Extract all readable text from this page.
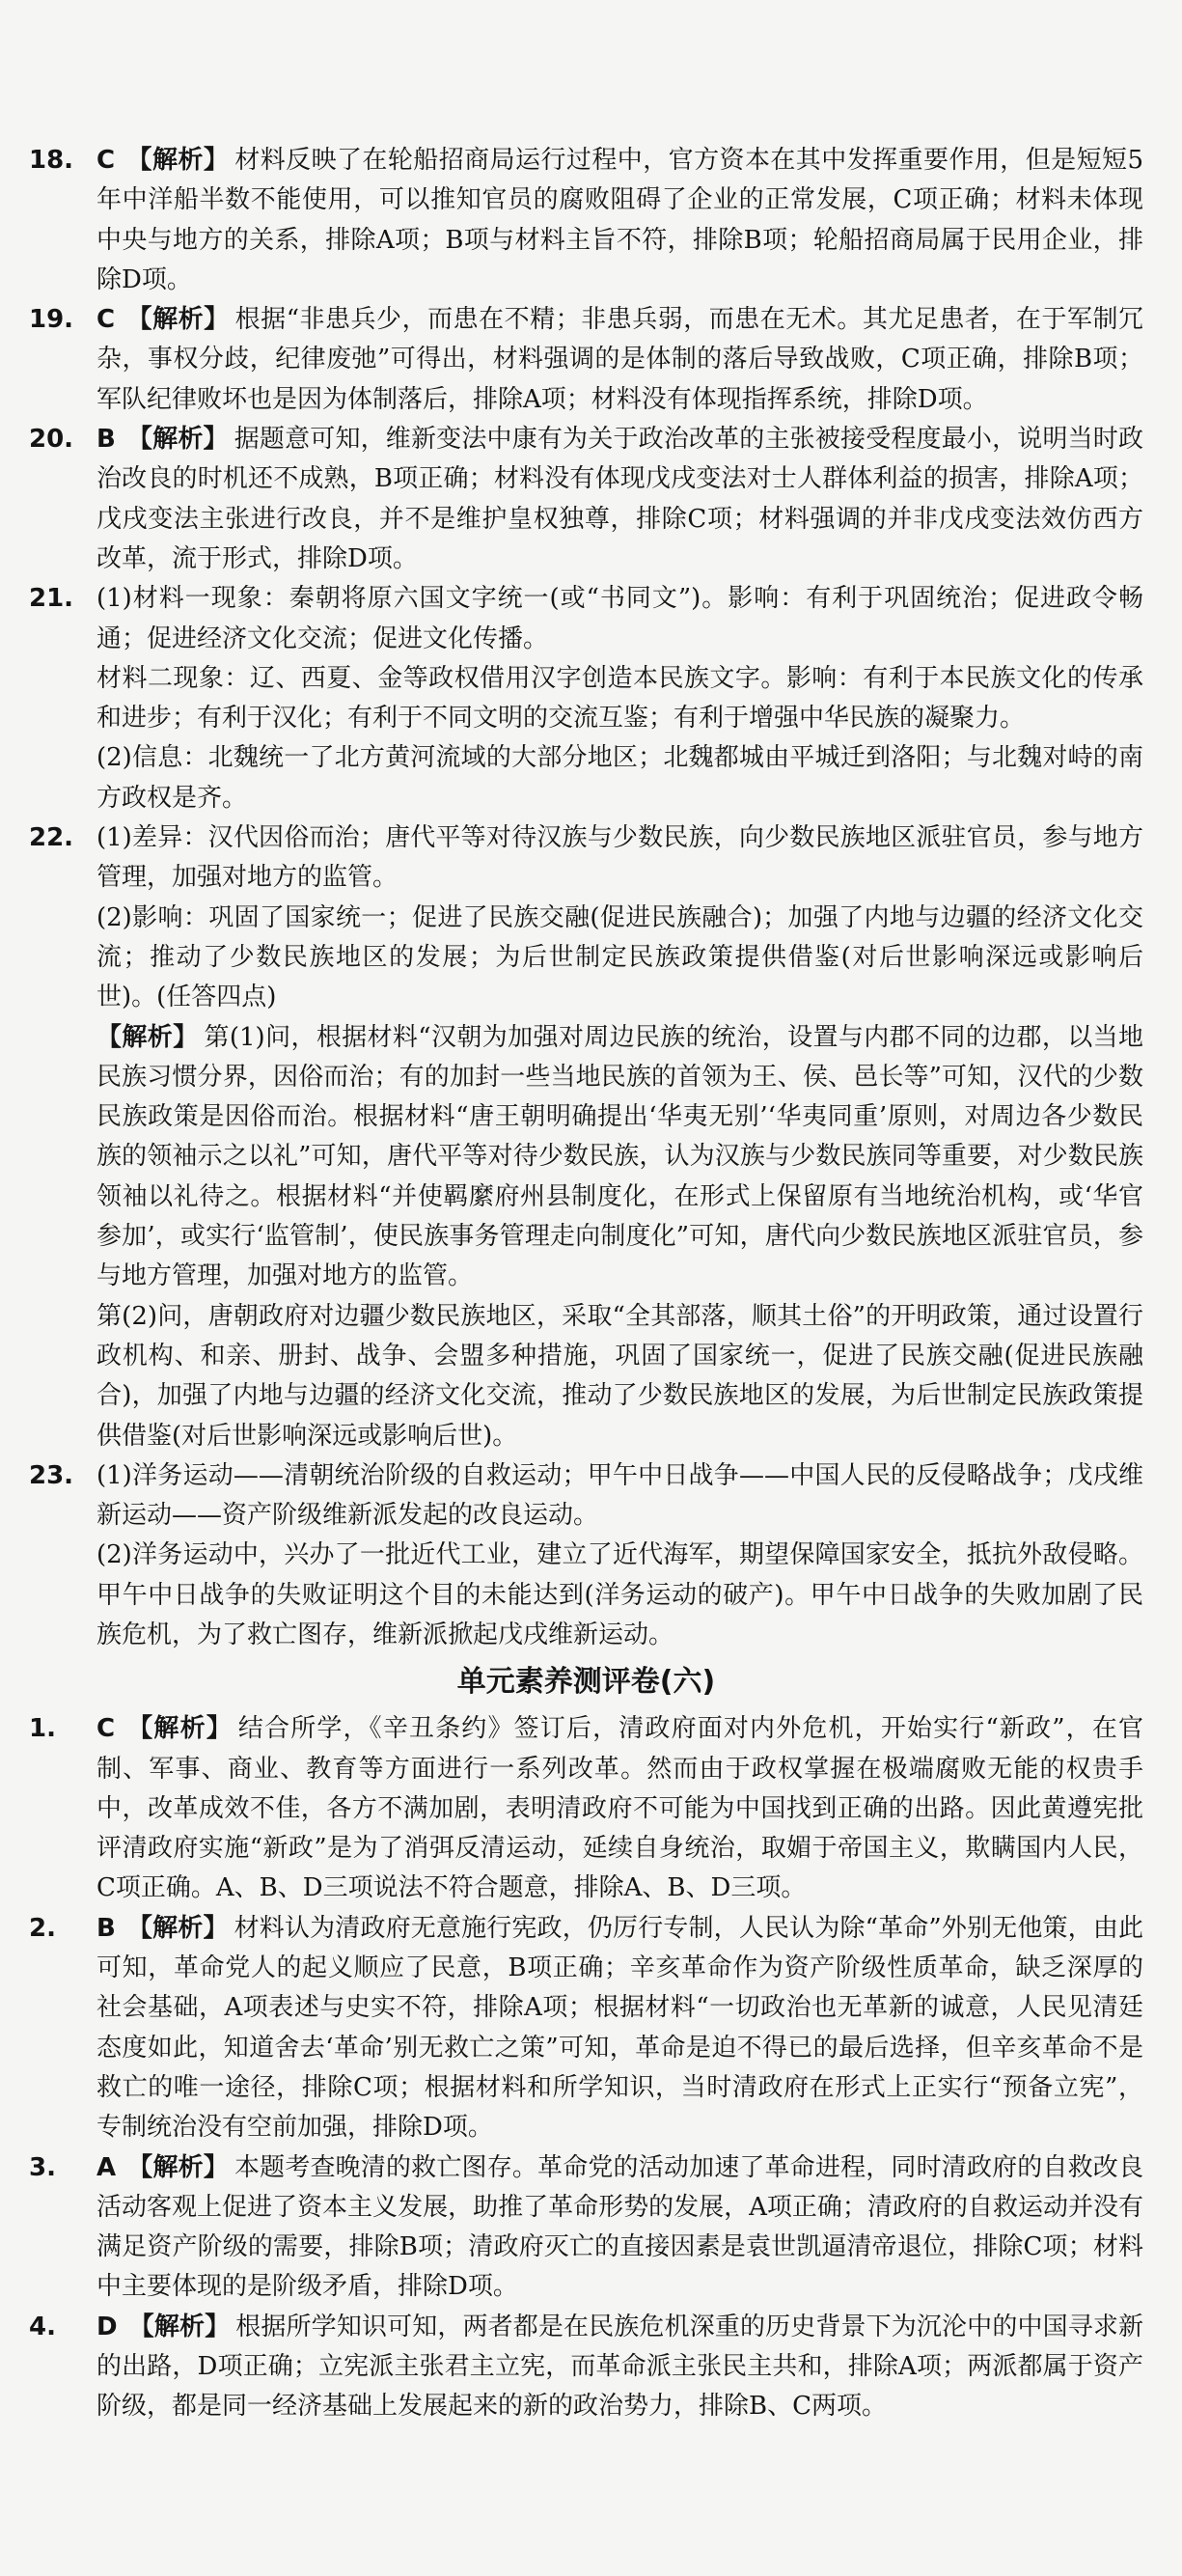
18. C 【解析】 材料反映了在轮船招商局运行过程中，官方资本在其中发挥重要作用，但是短短5年中洋船半数不能使用，可以推知官员的腐败阻碍了企业的正常发展，C项正确；材料未体现中央与地方的关系，排除A项；B项与材料主旨不符，排除B项；轮船招商局属于民用企业，排除D项。
19. C 【解析】 根据“非患兵少，而患在不精；非患兵弱，而患在无术。其尤足患者，在于军制冗杂，事权分歧，纪律废弛”可得出，材料强调的是体制的落后导致战败，C项正确，排除B项；军队纪律败坏也是因为体制落后，排除A项；材料没有体现指挥系统，排除D项。
20. B 【解析】 据题意可知，维新变法中康有为关于政治改革的主张被接受程度最小，说明当时政治改良的时机还不成熟，B项正确；材料没有体现戊戌变法对士人群体利益的损害，排除A项；戊戌变法主张进行改良，并不是维护皇权独尊，排除C项；材料强调的并非戊戌变法效仿西方改革，流于形式，排除D项。
21. (1)材料一现象：秦朝将原六国文字统一(或“书同文”)。影响：有利于巩固统治；促进政令畅通；促进经济文化交流；促进文化传播。
材料二现象：辽、西夏、金等政权借用汉字创造本民族文字。影响：有利于本民族文化的传承和进步；有利于汉化；有利于不同文明的交流互鉴；有利于增强中华民族的凝聚力。
(2)信息：北魏统一了北方黄河流域的大部分地区；北魏都城由平城迁到洛阳；与北魏对峙的南方政权是齐。
22. (1)差异：汉代因俗而治；唐代平等对待汉族与少数民族，向少数民族地区派驻官员，参与地方管理，加强对地方的监管。
(2)影响：巩固了国家统一；促进了民族交融(促进民族融合)；加强了内地与边疆的经济文化交流；推动了少数民族地区的发展；为后世制定民族政策提供借鉴(对后世影响深远或影响后世)。(任答四点)
【解析】 第(1)问，根据材料“汉朝为加强对周边民族的统治，设置与内郡不同的边郡，以当地民族习惯分界，因俗而治；有的加封一些当地民族的首领为王、侯、邑长等”可知，汉代的少数民族政策是因俗而治。根据材料“唐王朝明确提出‘华夷无别’‘华夷同重’原则，对周边各少数民族的领袖示之以礼”可知，唐代平等对待少数民族，认为汉族与少数民族同等重要，对少数民族领袖以礼待之。根据材料“并使羁縻府州县制度化，在形式上保留原有当地统治机构，或‘华官参加’，或实行‘监管制’，使民族事务管理走向制度化”可知，唐代向少数民族地区派驻官员，参与地方管理，加强对地方的监管。
第(2)问，唐朝政府对边疆少数民族地区，采取“全其部落，顺其土俗”的开明政策，通过设置行政机构、和亲、册封、战争、会盟多种措施，巩固了国家统一，促进了民族交融(促进民族融合)，加强了内地与边疆的经济文化交流，推动了少数民族地区的发展，为后世制定民族政策提供借鉴(对后世影响深远或影响后世)。
23. (1)洋务运动——清朝统治阶级的自救运动；甲午中日战争——中国人民的反侵略战争；戊戌维新运动——资产阶级维新派发起的改良运动。
(2)洋务运动中，兴办了一批近代工业，建立了近代海军，期望保障国家安全，抵抗外敌侵略。甲午中日战争的失败证明这个目的未能达到(洋务运动的破产)。甲午中日战争的失败加剧了民族危机，为了救亡图存，维新派掀起戊戌维新运动。
单元素养测评卷(六)
1.	C 【解析】 结合所学，《辛丑条约》签订后，清政府面对内外危机，开始实行“新政”，在官制、军事、商业、教育等方面进行一系列改革。然而由于政权掌握在极端腐败无能的权贵手中，改革成效不佳，各方不满加剧，表明清政府不可能为中国找到正确的出路。因此黄遵宪批评清政府实施“新政”是为了消弭反清运动，延续自身统治，取媚于帝国主义，欺瞒国内人民，C项正确。A、B、D三项说法不符合题意，排除A、B、D三项。
2.	B 【解析】 材料认为清政府无意施行宪政，仍厉行专制，人民认为除“革命”外别无他策，由此可知，革命党人的起义顺应了民意，B项正确；辛亥革命作为资产阶级性质革命，缺乏深厚的社会基础，A项表述与史实不符，排除A项；根据材料“一切政治也无革新的诚意，人民见清廷态度如此，知道舍去‘革命’别无救亡之策”可知，革命是迫不得已的最后选择，但辛亥革命不是救亡的唯一途径，排除C项；根据材料和所学知识，当时清政府在形式上正实行“预备立宪”，专制统治没有空前加强，排除D项。
3.	A 【解析】 本题考查晚清的救亡图存。革命党的活动加速了革命进程，同时清政府的自救改良活动客观上促进了资本主义发展，助推了革命形势的发展，A项正确；清政府的自救运动并没有满足资产阶级的需要，排除B项；清政府灭亡的直接因素是袁世凯逼清帝退位，排除C项；材料中主要体现的是阶级矛盾，排除D项。
4.	D 【解析】 根据所学知识可知，两者都是在民族危机深重的历史背景下为沉沦中的中国寻求新的出路，D项正确；立宪派主张君主立宪，而革命派主张民主共和，排除A项；两派都属于资产阶级，都是同一经济基础上发展起来的新的政治势力，排除B、C两项。
